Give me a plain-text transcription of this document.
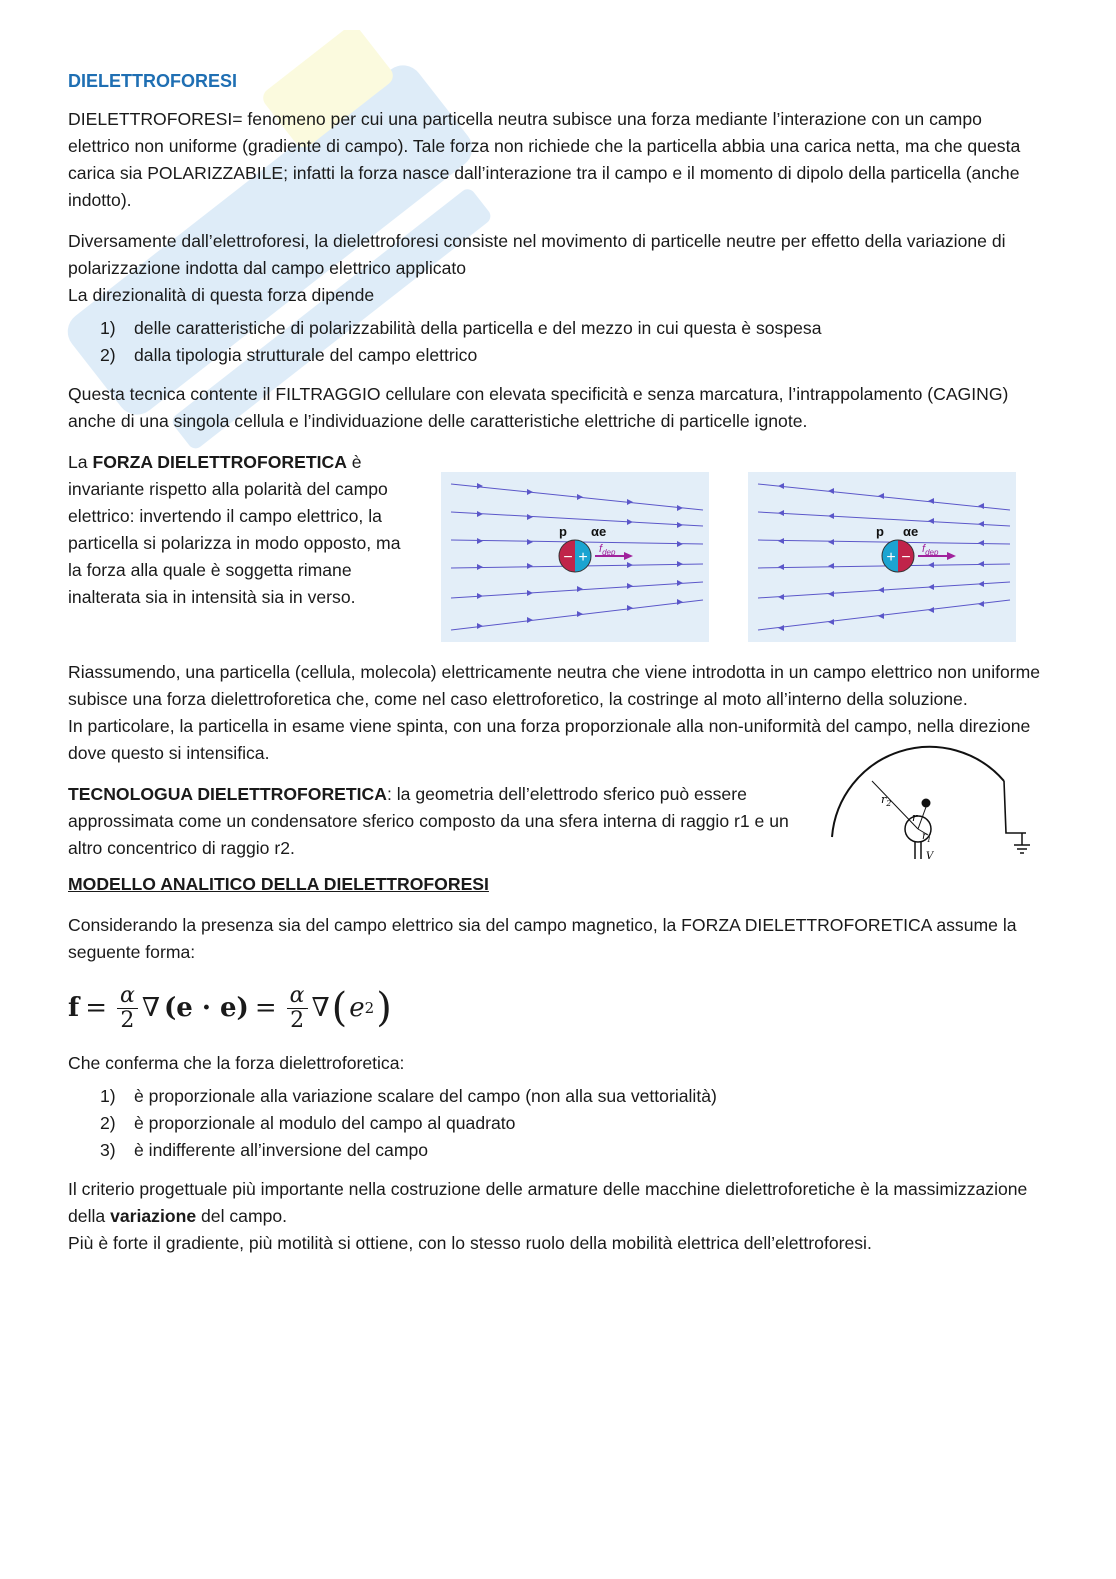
DIELETTROFORESI

DIELETTROFORESI= fenomeno per cui una particella neutra subisce una forza mediante l’interazione con un campo elettrico non uniforme (gradiente di campo). Tale forza non richiede che la particella abbia una carica netta, ma che questa carica sia POLARIZZABILE; infatti la forza nasce dall’interazione tra il campo e il momento di dipolo della particella (anche indotto).

Diversamente dall’elettroforesi, la dielettroforesi consiste nel movimento di particelle neutre per effetto della variazione di polarizzazione indotta dal campo elettrico applicato

La direzionalità di questa forza dipende

1) delle caratteristiche di polarizzabilità della particella e del mezzo in cui questa è sospesa
2) dalla tipologia strutturale del campo elettrico

Questa tecnica contente il FILTRAGGIO cellulare con elevata specificità e senza marcatura, l’intrappolamento (CAGING) anche di una singola cellula e l’individuazione delle caratteristiche elettriche di particelle ignote.

La FORZA DIELETTROFORETICA è invariante rispetto alla polarità del campo elettrico: invertendo il campo elettrico, la particella si polarizza in modo opposto, ma la forza alla quale è soggetta rimane inalterata sia in intensità sia in verso.
− +
p αe
$f_{dep}$	+ −
p αe
$f_{dep}$

Riassumendo, una particella (cellula, molecola) elettricamente neutra che viene introdotta in un campo elettrico non uniforme subisce una forza dielettroforetica che, come nel caso elettroforetico, la costringe al moto all’interno della soluzione.

In particolare, la particella in esame viene spinta, con una forza proporzionale alla non-uniformità del campo, nella direzione dove questo si intensifica.

TECNOLOGUA DIELETTROFORETICA: la geometria dell’elettrodo sferico può essere approssimata come un condensatore sferico composto da una sfera interna di raggio r1 e un altro concentrico di raggio r2.
$r_2$
r
$r_1$
V

MODELLO ANALITICO DELLA DIELETTROFORESI

Considerando la presenza sia del campo elettrico sia del campo magnetico, la FORZA DIELETTROFORETICA assume la seguente forma:

$f = \frac{\alpha}{2}$ ∇ $(e \cdot e) = \frac{\alpha}{2}$ ∇ ( e 2 )

Che conferma che la forza dielettroforetica:

1) è proporzionale alla variazione scalare del campo (non alla sua vettorialità)
2) è proporzionale al modulo del campo al quadrato
3) è indifferente all’inversione del campo

Il criterio progettuale più importante nella costruzione delle armature delle macchine dielettroforetiche è la massimizzazione della variazione del campo.

Più è forte il gradiente, più motilità si ottiene, con lo stesso ruolo della mobilità elettrica dell’elettroforesi.
